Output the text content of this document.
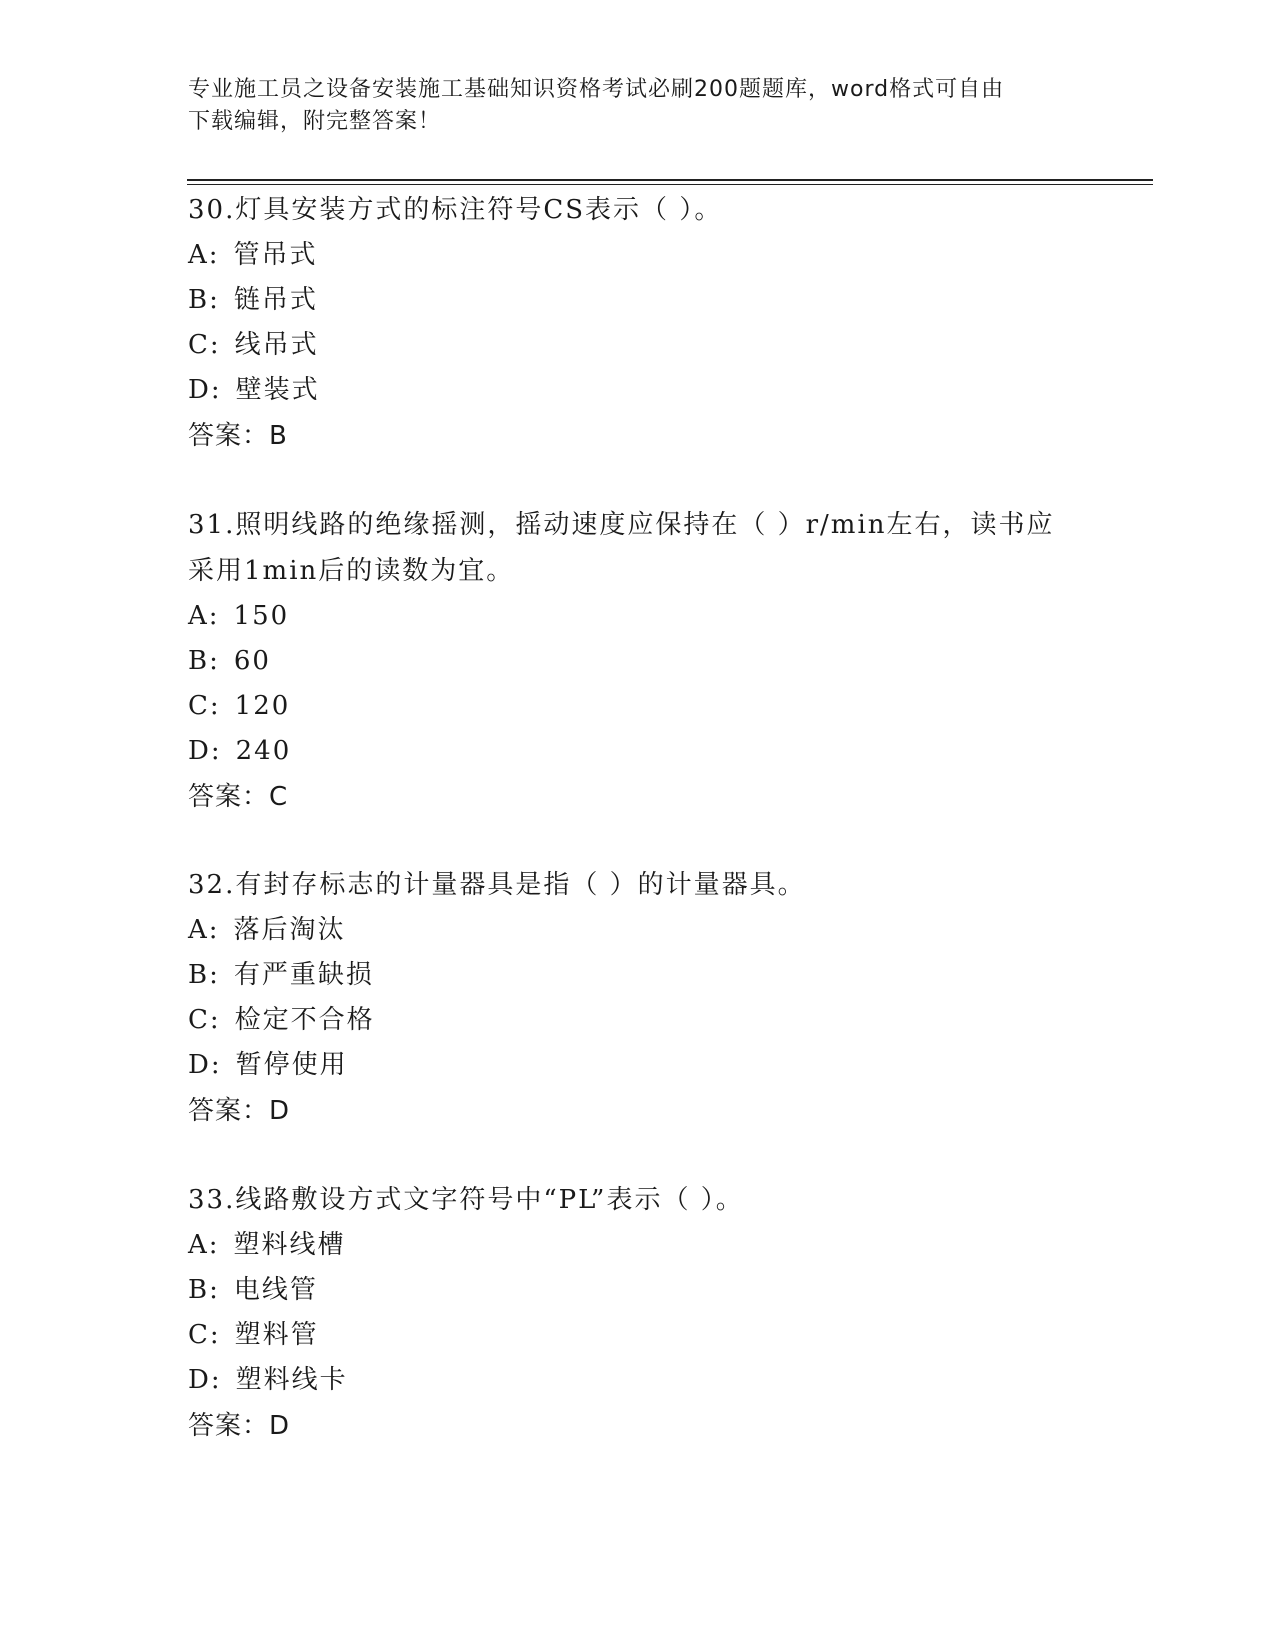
专业施工员之设备安装施工基础知识资格考试必刷200题题库，word格式可自由
下载编辑，附完整答案！
30.灯具安装方式的标注符号CS表示（ ）。
A: 管吊式
B: 链吊式
C: 线吊式
D: 壁装式
答案：B
31.照明线路的绝缘摇测，摇动速度应保持在（ ）r/min左右，读书应
采用1min后的读数为宜。
A: 150
B: 60
C: 120
D: 240
答案：C
32.有封存标志的计量器具是指（ ）的计量器具。
A: 落后淘汰
B: 有严重缺损
C: 检定不合格
D: 暂停使用
答案：D
33.线路敷设方式文字符号中“PL”表示（ ）。
A: 塑料线槽
B: 电线管
C: 塑料管
D: 塑料线卡
答案：D
